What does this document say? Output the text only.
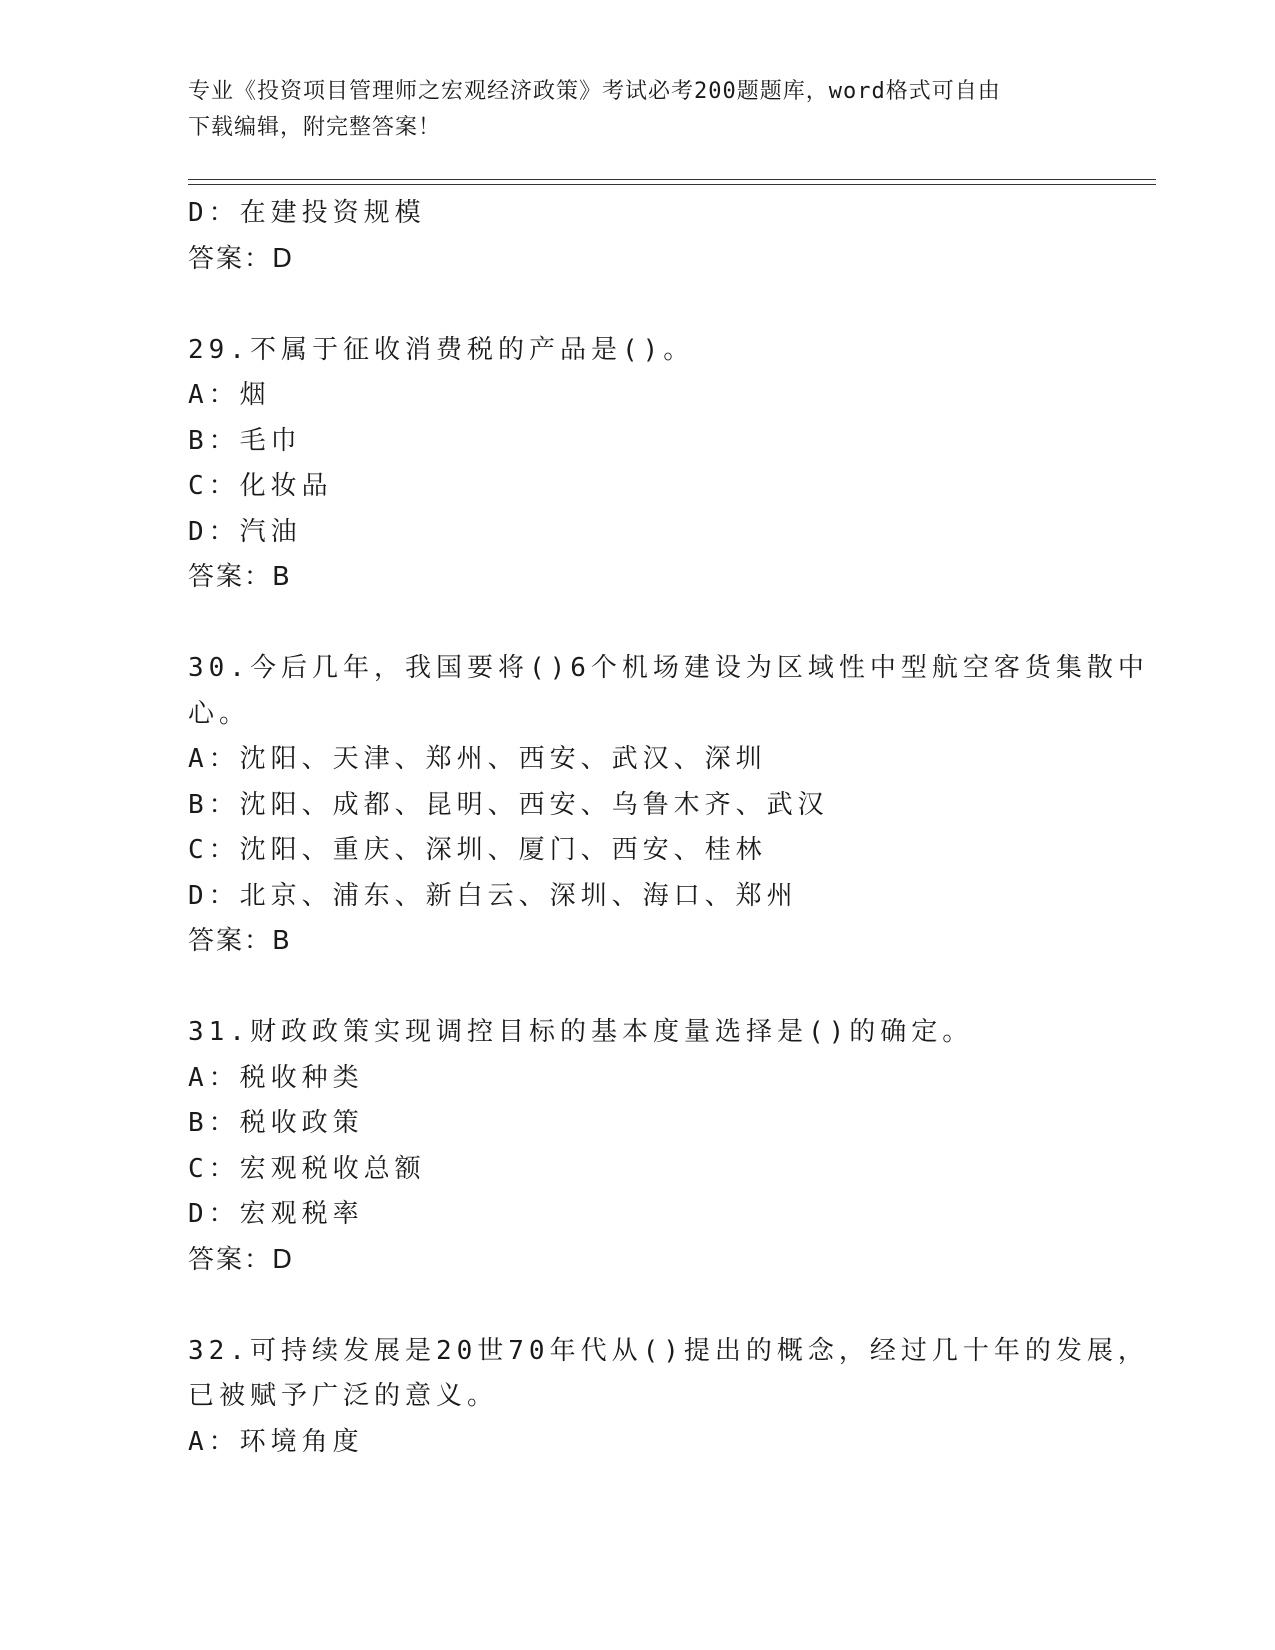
专业《投资项目管理师之宏观经济政策》考试必考200题题库，word格式可自由
下载编辑，附完整答案！
D：在建投资规模
答案：D
29.不属于征收消费税的产品是()。
A：烟
B：毛巾
C：化妆品
D：汽油
答案：B
30.今后几年，我国要将()6个机场建设为区域性中型航空客货集散中
心。
A：沈阳、天津、郑州、西安、武汉、深圳
B：沈阳、成都、昆明、西安、乌鲁木齐、武汉
C：沈阳、重庆、深圳、厦门、西安、桂林
D：北京、浦东、新白云、深圳、海口、郑州
答案：B
31.财政政策实现调控目标的基本度量选择是()的确定。
A：税收种类
B：税收政策
C：宏观税收总额
D：宏观税率
答案：D
32.可持续发展是20世70年代从()提出的概念，经过几十年的发展，
已被赋予广泛的意义。
A：环境角度
